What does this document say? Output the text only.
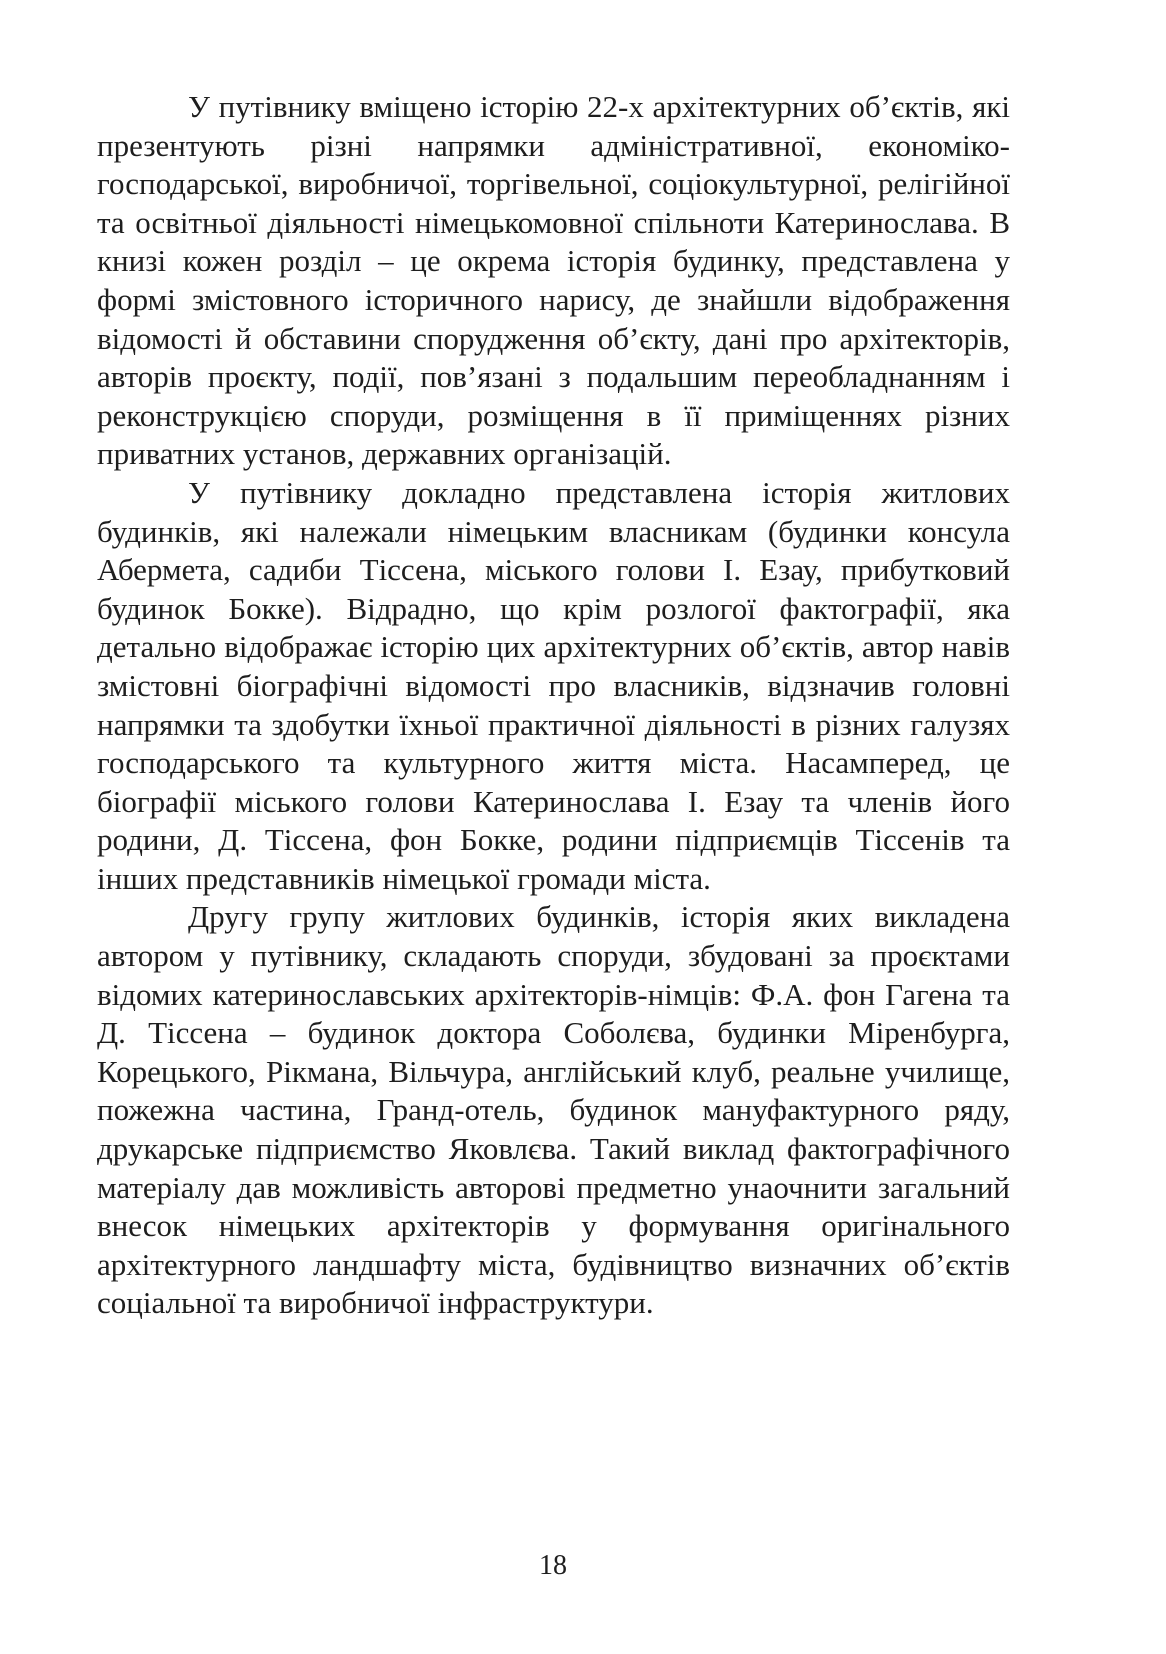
У путівнику вміщено історію 22-х архітектурних об’єктів, які презентують різні напрямки адміністративної, економіко-господарської, виробничої, торгівельної, соціокультурної, релігійної та освітньої діяльності німецькомовної спільноти Катеринослава. В книзі кожен розділ – це окрема історія будинку, представлена у формі змістовного історичного нарису, де знайшли відображення відомості й обставини спорудження об’єкту, дані про архітекторів, авторів проєкту, події, пов’язані з подальшим переобладнанням і реконструкцією споруди, розміщення в її приміщеннях різних приватних установ, державних організацій.

У путівнику докладно представлена історія житлових будинків, які належали німецьким власникам (будинки консула Абермета, садиби Тіссена, міського голови І. Езау, прибутковий будинок Бокке). Відрадно, що крім розлогої фактографії, яка детально відображає історію цих архітектурних об’єктів, автор навів змістовні біографічні відомості про власників, відзначив головні напрямки та здобутки їхньої практичної діяльності в різних галузях господарського та культурного життя міста. Насамперед, це біографії міського голови Катеринослава І. Езау та членів його родини, Д. Тіссена, фон Бокке, родини підприємців Тіссенів та інших представників німецької громади міста.

Другу групу житлових будинків, історія яких викладена автором у путівнику, складають споруди, збудовані за проєктами відомих катеринославських архітекторів-німців: Ф.А. фон Гагена та Д. Тіссена – будинок доктора Соболєва, будинки Міренбурга, Корецького, Рікмана, Вільчура, англійський клуб, реальне училище, пожежна частина, Гранд-отель, будинок мануфактурного ряду, друкарське підприємство Яковлєва. Такий виклад фактографічного матеріалу дав можливість авторові предметно унаочнити загальний внесок німецьких архітекторів у формування оригінального архітектурного ландшафту міста, будівництво визначних об’єктів соціальної та виробничої інфраструктури.

18
